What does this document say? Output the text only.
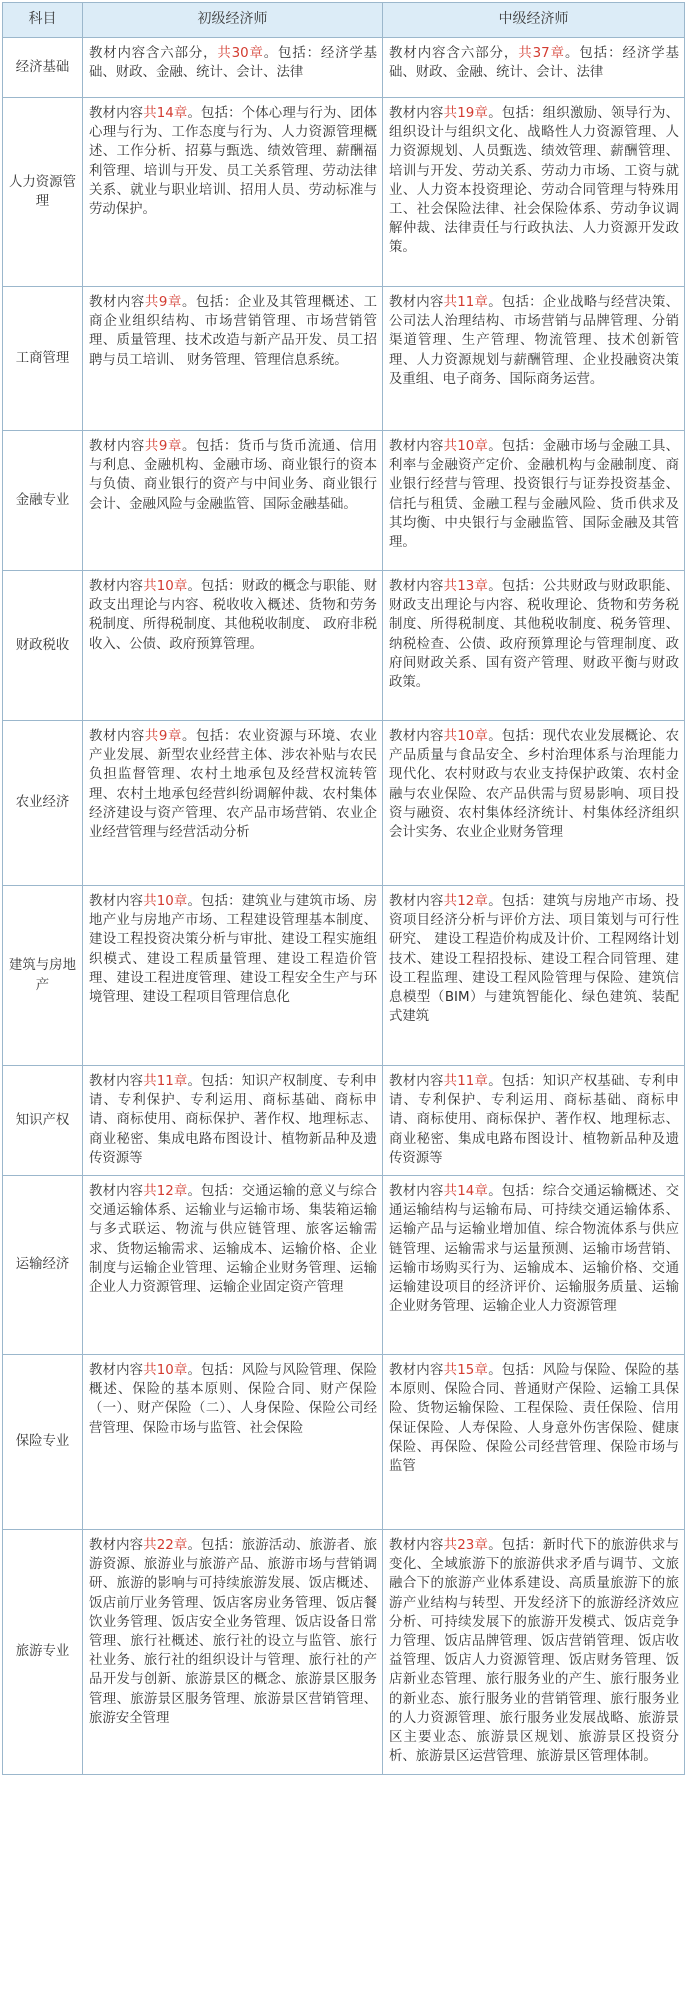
科目	初级经济师	中级经济师
经济基础	教材内容含六部分，共30章。包括：经济学基础、财政、金融、统计、会计、法律	教材内容含六部分，共37章。包括：经济学基础、财政、金融、统计、会计、法律
人力资源管理	教材内容共14章。包括：个体心理与行为、团体心理与行为、工作态度与行为、人力资源管理概述、工作分析、招募与甄选、绩效管理、薪酬福利管理、培训与开发、员工关系管理、劳动法律关系、就业与职业培训、招用人员、劳动标准与劳动保护。	教材内容共19章。包括：组织激励、领导行为、组织设计与组织文化、战略性人力资源管理、人力资源规划、人员甄选、绩效管理、薪酬管理、培训与开发、劳动关系、劳动力市场、工资与就业、人力资本投资理论、劳动合同管理与特殊用工、社会保险法律、社会保险体系、劳动争议调解仲裁、法律责任与行政执法、人力资源开发政策。
工商管理	教材内容共9章。包括：企业及其管理概述、工商企业组织结构、市场营销管理、市场营销管理、质量管理、技术改造与新产品开发、员工招聘与员工培训、 财务管理、管理信息系统。	教材内容共11章。包括：企业战略与经营决策、公司法人治理结构、市场营销与品牌管理、分销渠道管理、生产管理、物流管理、技术创新管理、人力资源规划与薪酬管理、企业投融资决策及重组、电子商务、国际商务运营。
金融专业	教材内容共9章。包括：货币与货币流通、信用与利息、金融机构、金融市场、商业银行的资本与负债、商业银行的资产与中间业务、商业银行会计、金融风险与金融监管、国际金融基础。	教材内容共10章。包括：金融市场与金融工具、利率与金融资产定价、金融机构与金融制度、商业银行经营与管理、投资银行与证券投资基金、信托与租赁、金融工程与金融风险、货币供求及其均衡、中央银行与金融监管、国际金融及其管理。
财政税收	教材内容共10章。包括：财政的概念与职能、财政支出理论与内容、税收收入概述、货物和劳务税制度、所得税制度、其他税收制度、 政府非税收入、公债、政府预算管理。	教材内容共13章。包括：公共财政与财政职能、财政支出理论与内容、税收理论、货物和劳务税制度、所得税制度、其他税收制度、税务管理、纳税检查、公债、政府预算理论与管理制度、政府间财政关系、国有资产管理、财政平衡与财政政策。
农业经济	教材内容共9章。包括：农业资源与环境、农业产业发展、新型农业经营主体、涉农补贴与农民负担监督管理、农村土地承包及经营权流转管理、农村土地承包经营纠纷调解仲裁、农村集体经济建设与资产管理、农产品市场营销、农业企业经营管理与经营活动分析	教材内容共10章。包括：现代农业发展概论、农产品质量与食品安全、乡村治理体系与治理能力现代化、农村财政与农业支持保护政策、农村金融与农业保险、农产品供需与贸易影响、项目投资与融资、农村集体经济统计、村集体经济组织会计实务、农业企业财务管理
建筑与房地产	教材内容共10章。包括：建筑业与建筑市场、房地产业与房地产市场、工程建设管理基本制度、建设工程投资决策分析与审批、建设工程实施组织模式、建设工程质量管理、建设工程造价管理、建设工程进度管理、建设工程安全生产与环境管理、建设工程项目管理信息化	教材内容共12章。包括：建筑与房地产市场、投资项目经济分析与评价方法、项目策划与可行性研究、 建设工程造价构成及计价、工程网络计划技术、建设工程招投标、建设工程合同管理、建设工程监理、建设工程风险管理与保险、建筑信息模型（BIM）与建筑智能化、绿色建筑、装配式建筑
知识产权	教材内容共11章。包括：知识产权制度、专利申请、专利保护、专利运用、商标基础、商标申请、商标使用、商标保护、著作权、地理标志、商业秘密、集成电路布图设计、植物新品种及遗传资源等	教材内容共11章。包括：知识产权基础、专利申请、专利保护、专利运用、商标基础、商标申请、商标使用、商标保护、著作权、地理标志、商业秘密、集成电路布图设计、植物新品种及遗传资源等
运输经济	教材内容共12章。包括：交通运输的意义与综合交通运输体系、运输业与运输市场、集装箱运输与多式联运、物流与供应链管理、旅客运输需求、货物运输需求、运输成本、运输价格、企业制度与运输企业管理、运输企业财务管理、运输企业人力资源管理、运输企业固定资产管理	教材内容共14章。包括：综合交通运输概述、交通运输结构与运输布局、可持续交通运输体系、运输产品与运输业增加值、综合物流体系与供应链管理、运输需求与运量预测、运输市场营销、运输市场购买行为、运输成本、运输价格、交通运输建设项目的经济评价、运输服务质量、运输企业财务管理、运输企业人力资源管理
保险专业	教材内容共10章。包括：风险与风险管理、保险概述、保险的基本原则、保险合同、财产保险（一）、财产保险（二）、人身保险、保险公司经营管理、保险市场与监管、社会保险	教材内容共15章。包括：风险与保险、保险的基本原则、保险合同、普通财产保险、运输工具保险、货物运输保险、工程保险、责任保险、信用保证保险、人寿保险、人身意外伤害保险、健康保险、再保险、保险公司经营管理、保险市场与监管
旅游专业	教材内容共22章。包括：旅游活动、旅游者、旅游资源、旅游业与旅游产品、旅游市场与营销调研、旅游的影响与可持续旅游发展、饭店概述、饭店前厅业务管理、饭店客房业务管理、饭店餐饮业务管理、饭店安全业务管理、饭店设备日常管理、旅行社概述、旅行社的设立与监管、旅行社业务、旅行社的组织设计与管理、旅行社的产品开发与创新、旅游景区的概念、旅游景区服务管理、旅游景区服务管理、旅游景区营销管理、旅游安全管理	教材内容共23章。包括：新时代下的旅游供求与变化、全域旅游下的旅游供求矛盾与调节、文旅融合下的旅游产业体系建设、高质量旅游下的旅游产业结构与转型、开发经济下的旅游经济效应分析、可持续发展下的旅游开发模式、饭店竞争力管理、饭店品牌管理、饭店营销管理、饭店收益管理、饭店人力资源管理、饭店财务管理、饭店新业态管理、旅行服务业的产生、旅行服务业的新业态、旅行服务业的营销管理、旅行服务业的人力资源管理、旅行服务业发展战略、旅游景区主要业态、旅游景区规划、旅游景区投资分析、旅游景区运营管理、旅游景区管理体制。
